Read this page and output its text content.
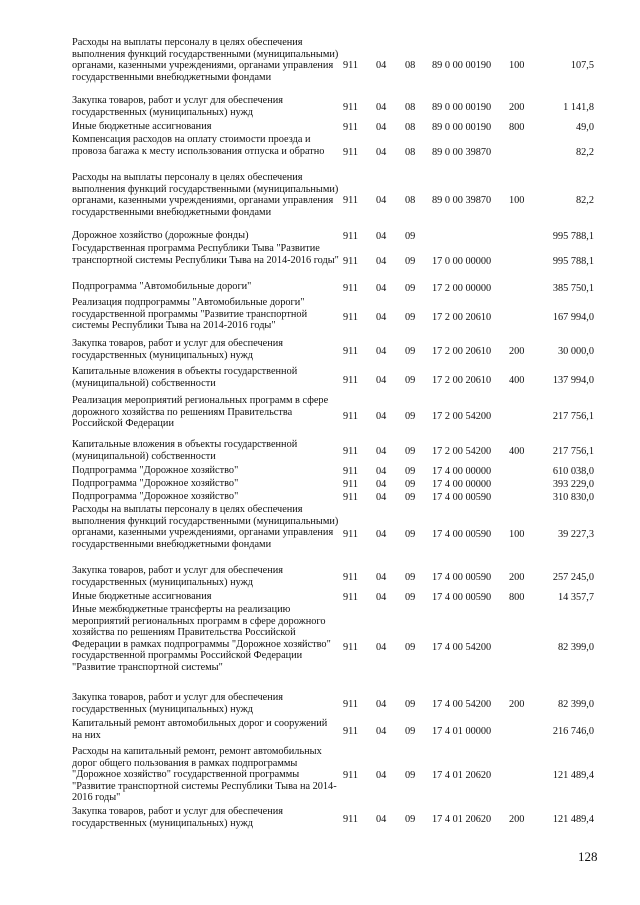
Расходы на выплаты персоналу в целях обеспечения выполнения функций государственными (муниципальными) органами, казенными учреждениями, органами управления государственными внебюджетными фондами	911	04	08	89 0 00 00190	100	107,5
Закупка товаров, работ и услуг для обеспечения государственных (муниципальных) нужд	911	04	08	89 0 00 00190	200	1 141,8
Иные бюджетные ассигнования	911	04	08	89 0 00 00190	800	49,0
Компенсация расходов на оплату стоимости проезда и провоза багажа к месту использования отпуска и обратно	911	04	08	89 0 00 39870		82,2
Расходы на выплаты персоналу в целях обеспечения выполнения функций государственными (муниципальными) органами, казенными учреждениями, органами управления государственными внебюджетными фондами	911	04	08	89 0 00 39870	100	82,2
Дорожное хозяйство (дорожные фонды)	911	04	09			995 788,1
Государственная программа Республики Тыва "Развитие транспортной системы Республики Тыва на 2014-2016 годы"	911	04	09	17 0 00 00000		995 788,1
Подпрограмма "Автомобильные дороги"	911	04	09	17 2 00 00000		385 750,1
Реализация подпрограммы "Автомобильные дороги" государственной программы "Развитие транспортной системы Республики Тыва на 2014-2016 годы"	911	04	09	17 2 00 20610		167 994,0
Закупка товаров, работ и услуг для обеспечения государственных (муниципальных) нужд	911	04	09	17 2 00 20610	200	30 000,0
Капитальные вложения в объекты государственной (муниципальной) собственности	911	04	09	17 2 00 20610	400	137 994,0
Реализация мероприятий региональных программ в сфере дорожного хозяйства по решениям Правительства Российской Федерации	911	04	09	17 2 00 54200		217 756,1
Капитальные вложения в объекты государственной (муниципальной) собственности	911	04	09	17 2 00 54200	400	217 756,1
Подпрограмма "Дорожное хозяйство"	911	04	09	17 4 00 00000		610 038,0
Подпрограмма "Дорожное хозяйство"	911	04	09	17 4 00 00000		393 229,0
Подпрограмма "Дорожное хозяйство"	911	04	09	17 4 00 00590		310 830,0
Расходы на выплаты персоналу в целях обеспечения выполнения функций государственными (муниципальными) органами, казенными учреждениями, органами управления государственными внебюджетными фондами	911	04	09	17 4 00 00590	100	39 227,3
Закупка товаров, работ и услуг для обеспечения государственных (муниципальных) нужд	911	04	09	17 4 00 00590	200	257 245,0
Иные бюджетные ассигнования	911	04	09	17 4 00 00590	800	14 357,7
Иные межбюджетные трансферты на реализацию мероприятий региональных программ в сфере дорожного хозяйства по решениям Правительства Российской Федерации в рамках подпрограммы "Дорожное хозяйство" государственной программы Российской Федерации "Развитие транспортной системы"	911	04	09	17 4 00 54200		82 399,0
Закупка товаров, работ и услуг для обеспечения государственных (муниципальных) нужд	911	04	09	17 4 00 54200	200	82 399,0
Капитальный ремонт автомобильных дорог и сооружений на них	911	04	09	17 4 01 00000		216 746,0
Расходы на капитальный ремонт, ремонт автомобильных дорог общего пользования в рамках подпрограммы "Дорожное хозяйство" государственной программы "Развитие транспортной системы Республики Тыва на 2014-2016 годы"	911	04	09	17 4 01 20620		121 489,4
Закупка товаров, работ и услуг для обеспечения государственных (муниципальных) нужд	911	04	09	17 4 01 20620	200	121 489,4
128
